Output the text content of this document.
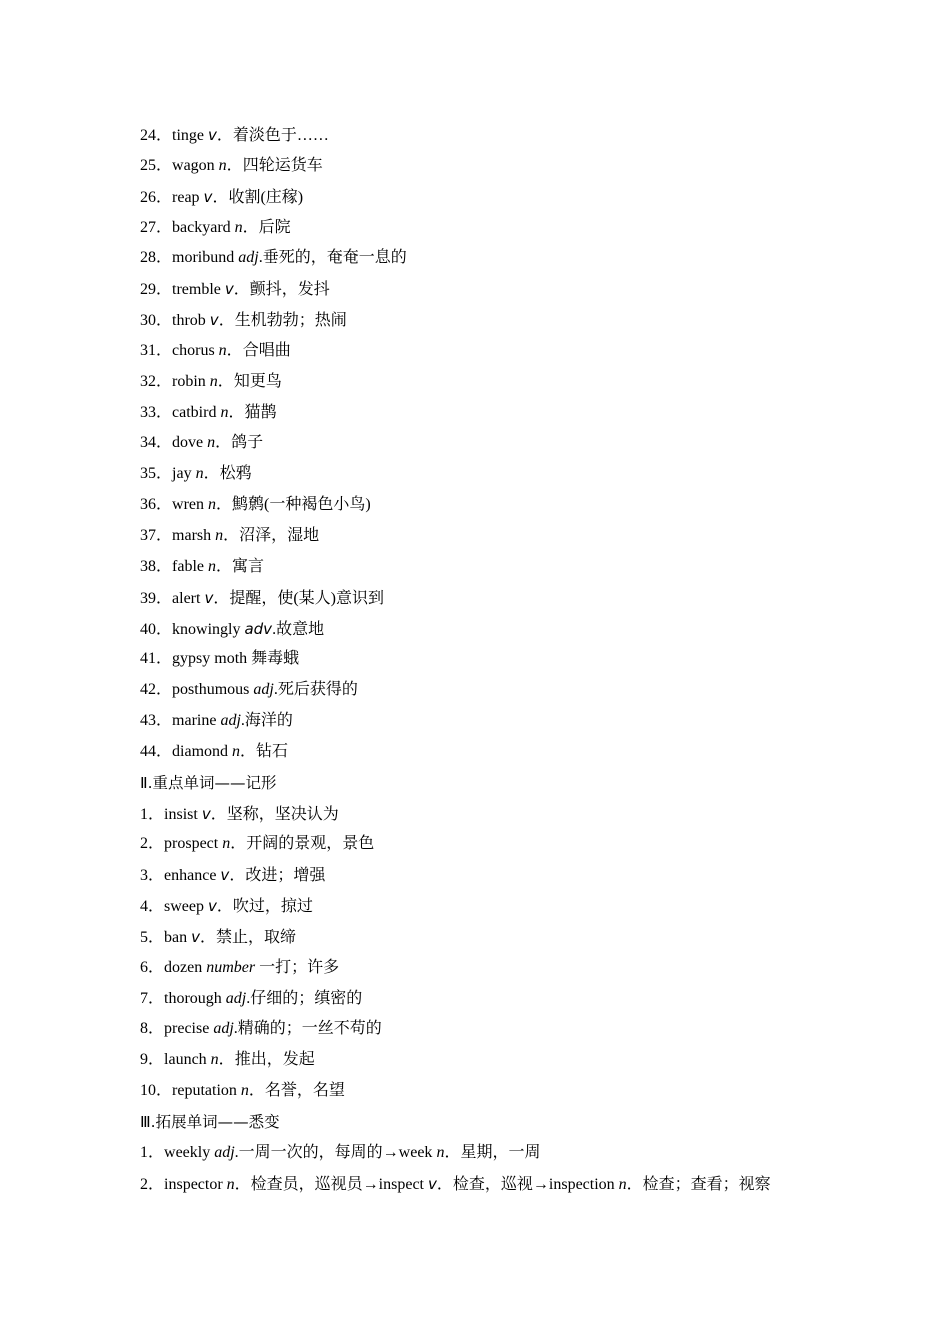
24．tinge v．着淡色于……
25．wagon n．四轮运货车
26．reap v．收割(庄稼)
27．backyard n．后院
28．moribund adj.垂死的，奄奄一息的
29．tremble v．颤抖，发抖
30．throb v．生机勃勃；热闹
31．chorus n．合唱曲
32．robin n．知更鸟
33．catbird n．猫鹊
34．dove n．鸽子
35．jay n．松鸦
36．wren n．鹪鹩(一种褐色小鸟)
37．marsh n．沼泽，湿地
38．fable n．寓言
39．alert v．提醒，使(某人)意识到
40．knowingly adv.故意地
41．gypsy moth 舞毒蛾
42．posthumous adj.死后获得的
43．marine adj.海洋的
44．diamond n．钻石
Ⅱ.重点单词——记形
1．insist v．坚称，坚决认为
2．prospect n．开阔的景观，景色
3．enhance v．改进；增强
4．sweep v．吹过，掠过
5．ban v．禁止，取缔
6．dozen number 一打；许多
7．thorough adj.仔细的；缜密的
8．precise adj.精确的；一丝不苟的
9．launch n．推出，发起
10．reputation n．名誉，名望
Ⅲ.拓展单词——悉变
1．weekly adj.一周一次的，每周的→week n．星期，一周
2．inspector n．检查员，巡视员→inspect v．检查，巡视→inspection n．检查；查看；视察
